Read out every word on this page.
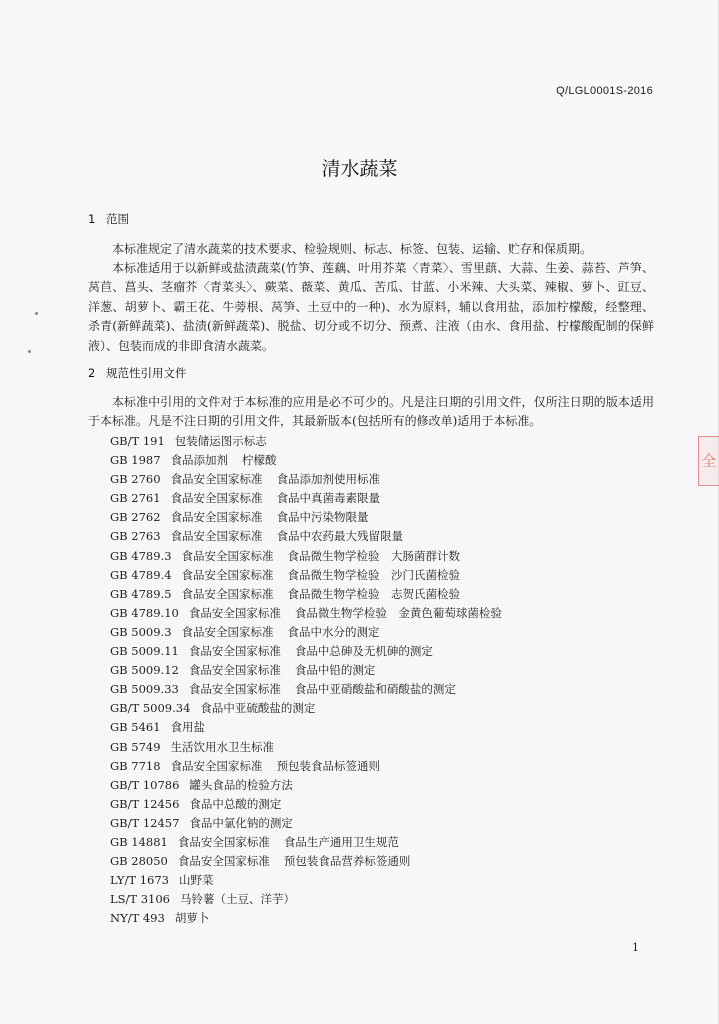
Q/LGL0001S-2016
清水蔬菜
1 范围
本标准规定了清水蔬菜的技术要求、检验规则、标志、标签、包装、运输、贮存和保质期。
本标准适用于以新鲜或盐渍蔬菜(竹笋、莲藕、叶用芥菜〈青菜〉、雪里蕻、大蒜、生姜、蒜苔、芦笋、莴苣、菖头、茎瘤芥〈青菜头〉、蕨菜、薇菜、黄瓜、苦瓜、甘蓝、小米辣、大头菜、辣椒、萝卜、豇豆、洋葱、胡萝卜、霸王花、牛蒡根、莴笋、土豆中的一种)、水为原料，辅以食用盐，添加柠檬酸，经整理、杀青(新鲜蔬菜)、盐渍(新鲜蔬菜)、脱盐、切分或不切分、预煮、注液（由水、食用盐、柠檬酸配制的保鲜液）、包装而成的非即食清水蔬菜。
2 规范性引用文件
本标准中引用的文件对于本标准的应用是必不可少的。凡是注日期的引用文件，仅所注日期的版本适用于本标准。凡是不注日期的引用文件，其最新版本(包括所有的修改单)适用于本标准。
GB/T 191 包装储运图示标志
GB 1987 食品添加剂 柠檬酸
GB 2760 食品安全国家标准 食品添加剂使用标准
GB 2761 食品安全国家标准 食品中真菌毒素限量
GB 2762 食品安全国家标准 食品中污染物限量
GB 2763 食品安全国家标准 食品中农药最大残留限量
GB 4789.3 食品安全国家标准 食品微生物学检验　大肠菌群计数
GB 4789.4 食品安全国家标准 食品微生物学检验　沙门氏菌检验
GB 4789.5 食品安全国家标准 食品微生物学检验　志贺氏菌检验
GB 4789.10 食品安全国家标准 食品微生物学检验　金黄色葡萄球菌检验
GB 5009.3 食品安全国家标准 食品中水分的测定
GB 5009.11 食品安全国家标准 食品中总砷及无机砷的测定
GB 5009.12 食品安全国家标准 食品中铅的测定
GB 5009.33 食品安全国家标准 食品中亚硝酸盐和硝酸盐的测定
GB/T 5009.34 食品中亚硫酸盐的测定
GB 5461 食用盐
GB 5749 生活饮用水卫生标准
GB 7718 食品安全国家标准 预包装食品标签通则
GB/T 10786 罐头食品的检验方法
GB/T 12456 食品中总酸的测定
GB/T 12457 食品中氯化钠的测定
GB 14881 食品安全国家标准 食品生产通用卫生规范
GB 28050 食品安全国家标准 预包装食品营养标签通则
LY/T 1673 山野菜
LS/T 3106 马铃薯（土豆、洋芋）
NY/T 493 胡萝卜
1
全
